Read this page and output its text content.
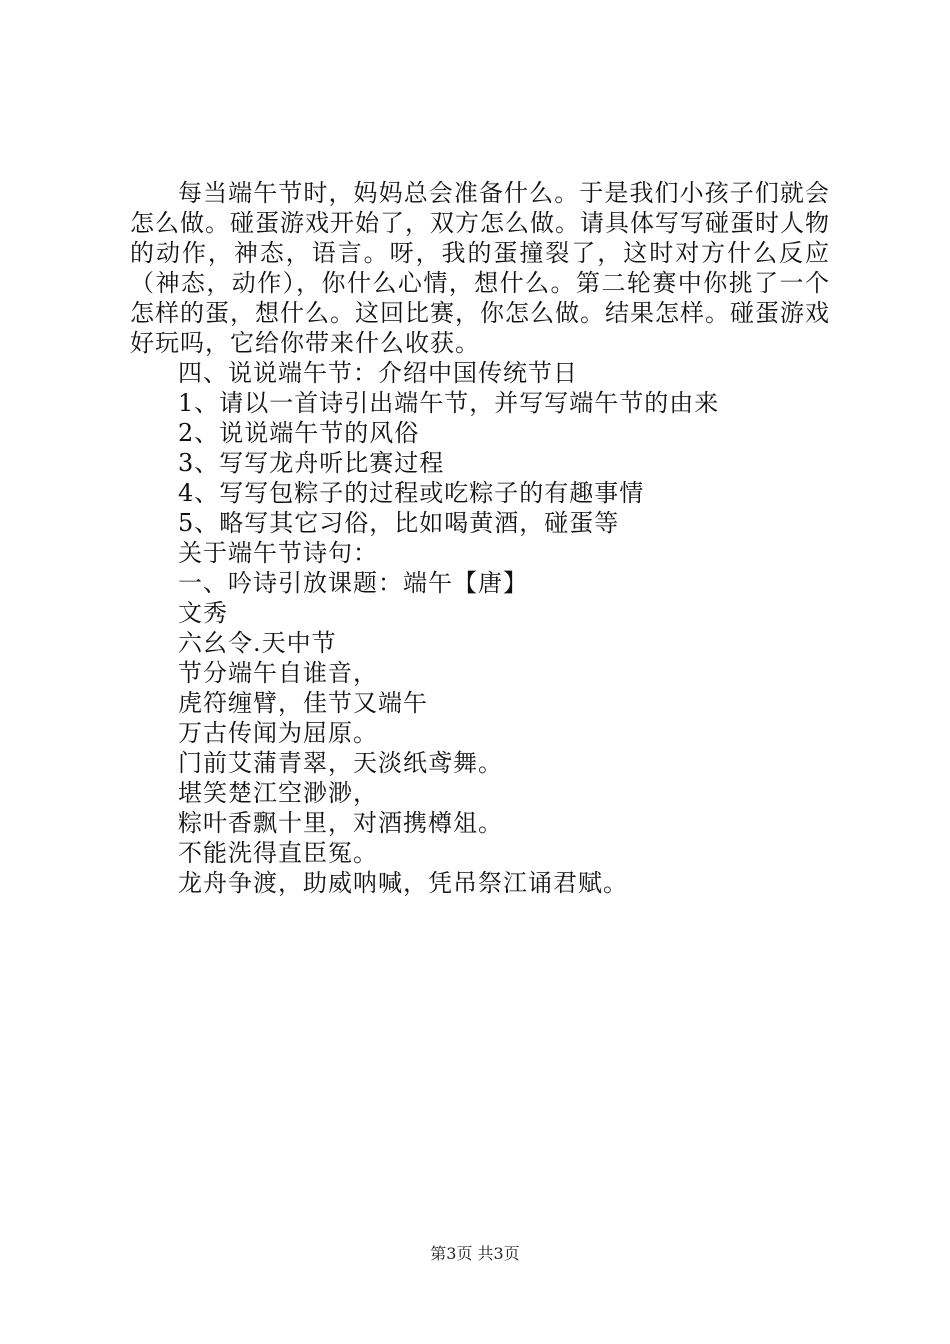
每当端午节时，妈妈总会准备什么。于是我们小孩子们就会怎么做。碰蛋游戏开始了，双方怎么做。请具体写写碰蛋时人物的动作，神态，语言。呀，我的蛋撞裂了，这时对方什么反应（神态，动作），你什么心情，想什么。第二轮赛中你挑了一个怎样的蛋，想什么。这回比赛，你怎么做。结果怎样。碰蛋游戏好玩吗，它给你带来什么收获。

四、说说端午节：介绍中国传统节日

1、请以一首诗引出端午节，并写写端午节的由来

2、说说端午节的风俗

3、写写龙舟听比赛过程

4、写写包粽子的过程或吃粽子的有趣事情

5、略写其它习俗，比如喝黄酒，碰蛋等

关于端午节诗句：

一、吟诗引放课题：端午【唐】

文秀

六幺令.天中节

节分端午自谁音，

虎符缠臂，佳节又端午

万古传闻为屈原。

门前艾蒲青翠，天淡纸鸢舞。

堪笑楚江空渺渺，

粽叶香飘十里，对酒携樽俎。

不能洗得直臣冤。

龙舟争渡，助威呐喊，凭吊祭江诵君赋。

第3页 共3页
